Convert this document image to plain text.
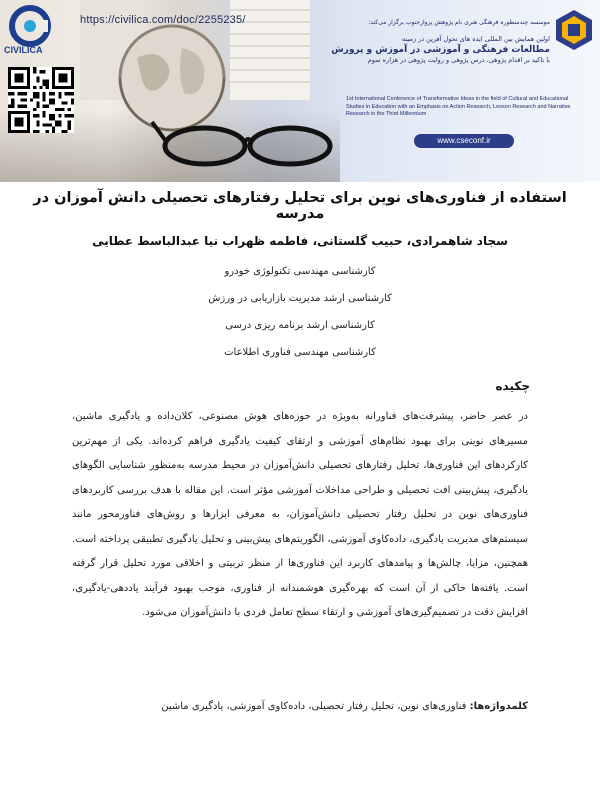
CIVILICA
https://civilica.com/doc/2255235/	موسسه چندمنظوره فرهنگی هنری بام پژوهش پروازجنوب برگزار می‌کند:
اولین همایش بین المللی ایده های تحول آفرین در زمینه
مطالعات فرهنگی و آموزشی در آموزش و پرورش
با تاکید بر اقدام پژوهی، درس پژوهی و روایت پژوهی در هزاره سوم
1st International Conference of Transformative Ideas in the field of Cultural and Educational Studies in Education with an Emphasis on Action Research, Lesson Research and Narrative Research in the Third Millennium
www.cseconf.ir
استفاده از فناوری‌های نوین برای تحلیل رفتارهای تحصیلی دانش آموزان در مدرسه
سجاد شاهمرادی، حبیب گلستانی، فاطمه ظهراب نیا عبدالباسط عطایی
کارشناسی مهندسی تکنولوژی خودرو
کارشناسی ارشد مدیریت بازاریابی در ورزش
کارشناسی ارشد برنامه ریزی درسی
کارشناسی مهندسی فناوری اطلاعات
چکیده
در عصر حاضر، پیشرفت‌های فناورانه به‌ویژه در حوزه‌های هوش مصنوعی، کلان‌داده و یادگیری ماشین، مسیرهای نوینی برای بهبود نظام‌های آموزشی و ارتقای کیفیت یادگیری فراهم کرده‌اند. یکی از مهم‌ترین کارکردهای این فناوری‌ها، تحلیل رفتارهای تحصیلی دانش‌آموزان در محیط مدرسه به‌منظور شناسایی الگوهای یادگیری، پیش‌بینی افت تحصیلی و طراحی مداخلات آموزشی مؤثر است. این مقاله با هدف بررسی کاربردهای فناوری‌های نوین در تحلیل رفتار تحصیلی دانش‌آموزان، به معرفی ابزارها و روش‌های فناورمحور مانند سیستم‌های مدیریت یادگیری، داده‌کاوی آموزشی، الگوریتم‌های پیش‌بینی و تحلیل یادگیری تطبیقی پرداخته است. همچنین، مزایا، چالش‌ها و پیامدهای کاربرد این فناوری‌ها از منظر تربیتی و اخلاقی مورد تحلیل قرار گرفته است. یافته‌ها حاکی از آن است که بهره‌گیری هوشمندانه از فناوری، موجب بهبود فرآیند یاددهی-یادگیری، افزایش دقت در تصمیم‌گیری‌های آموزشی و ارتقاء سطح تعامل فردی با دانش‌آموزان می‌شود.
کلمدواژه‌ها: فناوری‌های نوین، تحلیل رفتار تحصیلی، داده‌کاوی آموزشی، یادگیری ماشین
